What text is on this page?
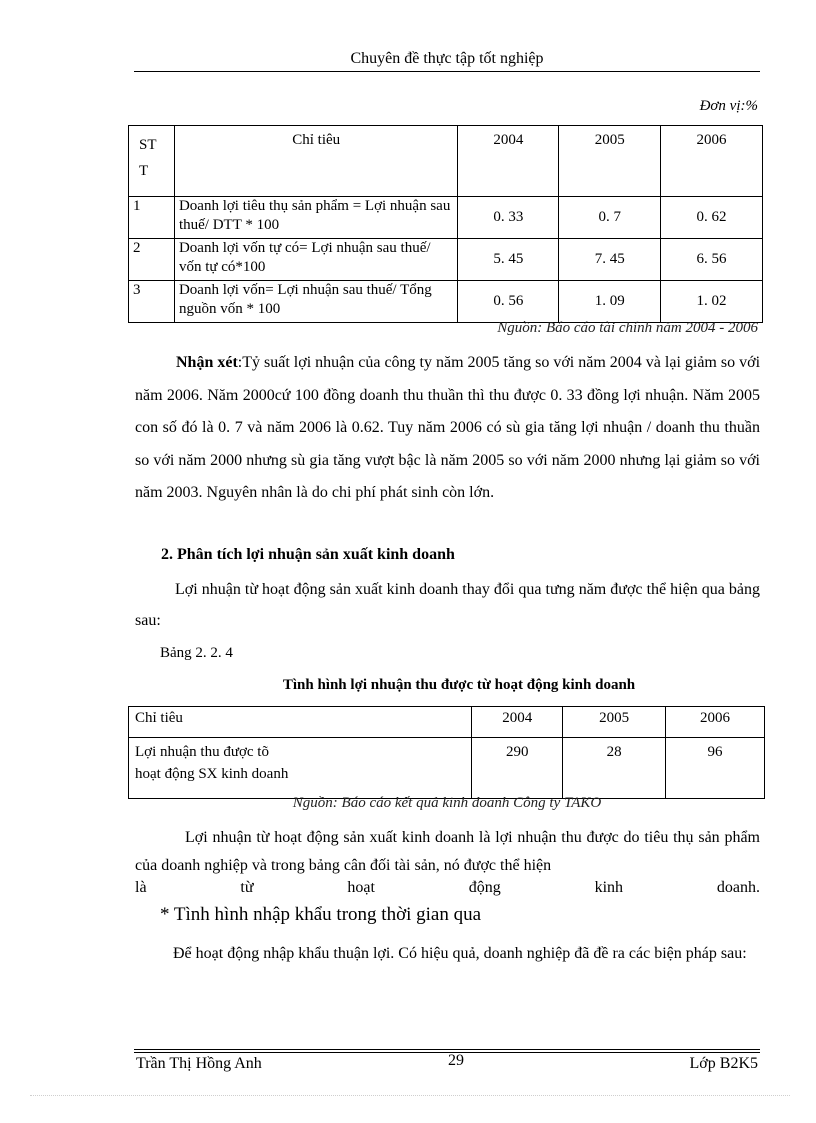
Chuyên đề thực tập tốt nghiệp
Đơn vị:%
ST
T	Chỉ tiêu	2004	2005	2006
1	Doanh lợi tiêu thụ sản phẩm = Lợi nhuận sau thuế/ DTT * 100	0. 33	0. 7	0. 62
2	Doanh lợi vốn tự có= Lợi nhuận sau thuế/ vốn tự có*100	5. 45	7. 45	6. 56
3	Doanh lợi vốn= Lợi nhuận sau thuế/ Tổng nguồn vốn * 100	0. 56	1. 09	1. 02
Nguồn: Báo cáo tài chính năm 2004 - 2006
Nhận xét:Tỷ suất lợi nhuận của công ty năm 2005 tăng so với năm 2004 và lại giảm so với năm 2006. Năm 2000cứ 100 đồng doanh thu thuần thì thu được 0. 33 đồng lợi nhuận. Năm 2005 con số đó là 0. 7 và năm 2006 là 0.62. Tuy năm 2006 có sù gia tăng lợi nhuận / doanh thu thuần so với năm 2000 nhưng sù gia tăng vượt bậc là năm 2005 so với năm 2000 nhưng lại giảm so với năm 2003. Nguyên nhân là do chi phí phát sinh còn lớn.
2. Phân tích lợi nhuận sản xuất kinh doanh
Lợi nhuận từ hoạt động sản xuất kinh doanh thay đổi qua tưng năm được thể hiện qua bảng sau:
Bảng 2. 2. 4
Tình hình lợi nhuận thu được từ hoạt động kinh doanh
Chỉ tiêu	2004	2005	2006
Lợi nhuận thu được tõ
hoạt động SX kinh doanh	290	28	96
Nguồn: Báo cáo kết quả kinh doanh Công ty TAKO
Lợi nhuận từ hoạt động sản xuất kinh doanh là lợi nhuận thu được do tiêu thụ sản phẩm của doanh nghiệp và trong bảng cân đối tài sản, nó được thể hiện
là	từ	hoạt	động	kinh	doanh.
* Tình hình nhập khẩu trong thời gian qua
Để hoạt động nhập khẩu thuận lợi. Có hiệu quả, doanh nghiệp đã đề ra các biện pháp sau:
Trần Thị Hồng Anh	29	Lớp B2K5
